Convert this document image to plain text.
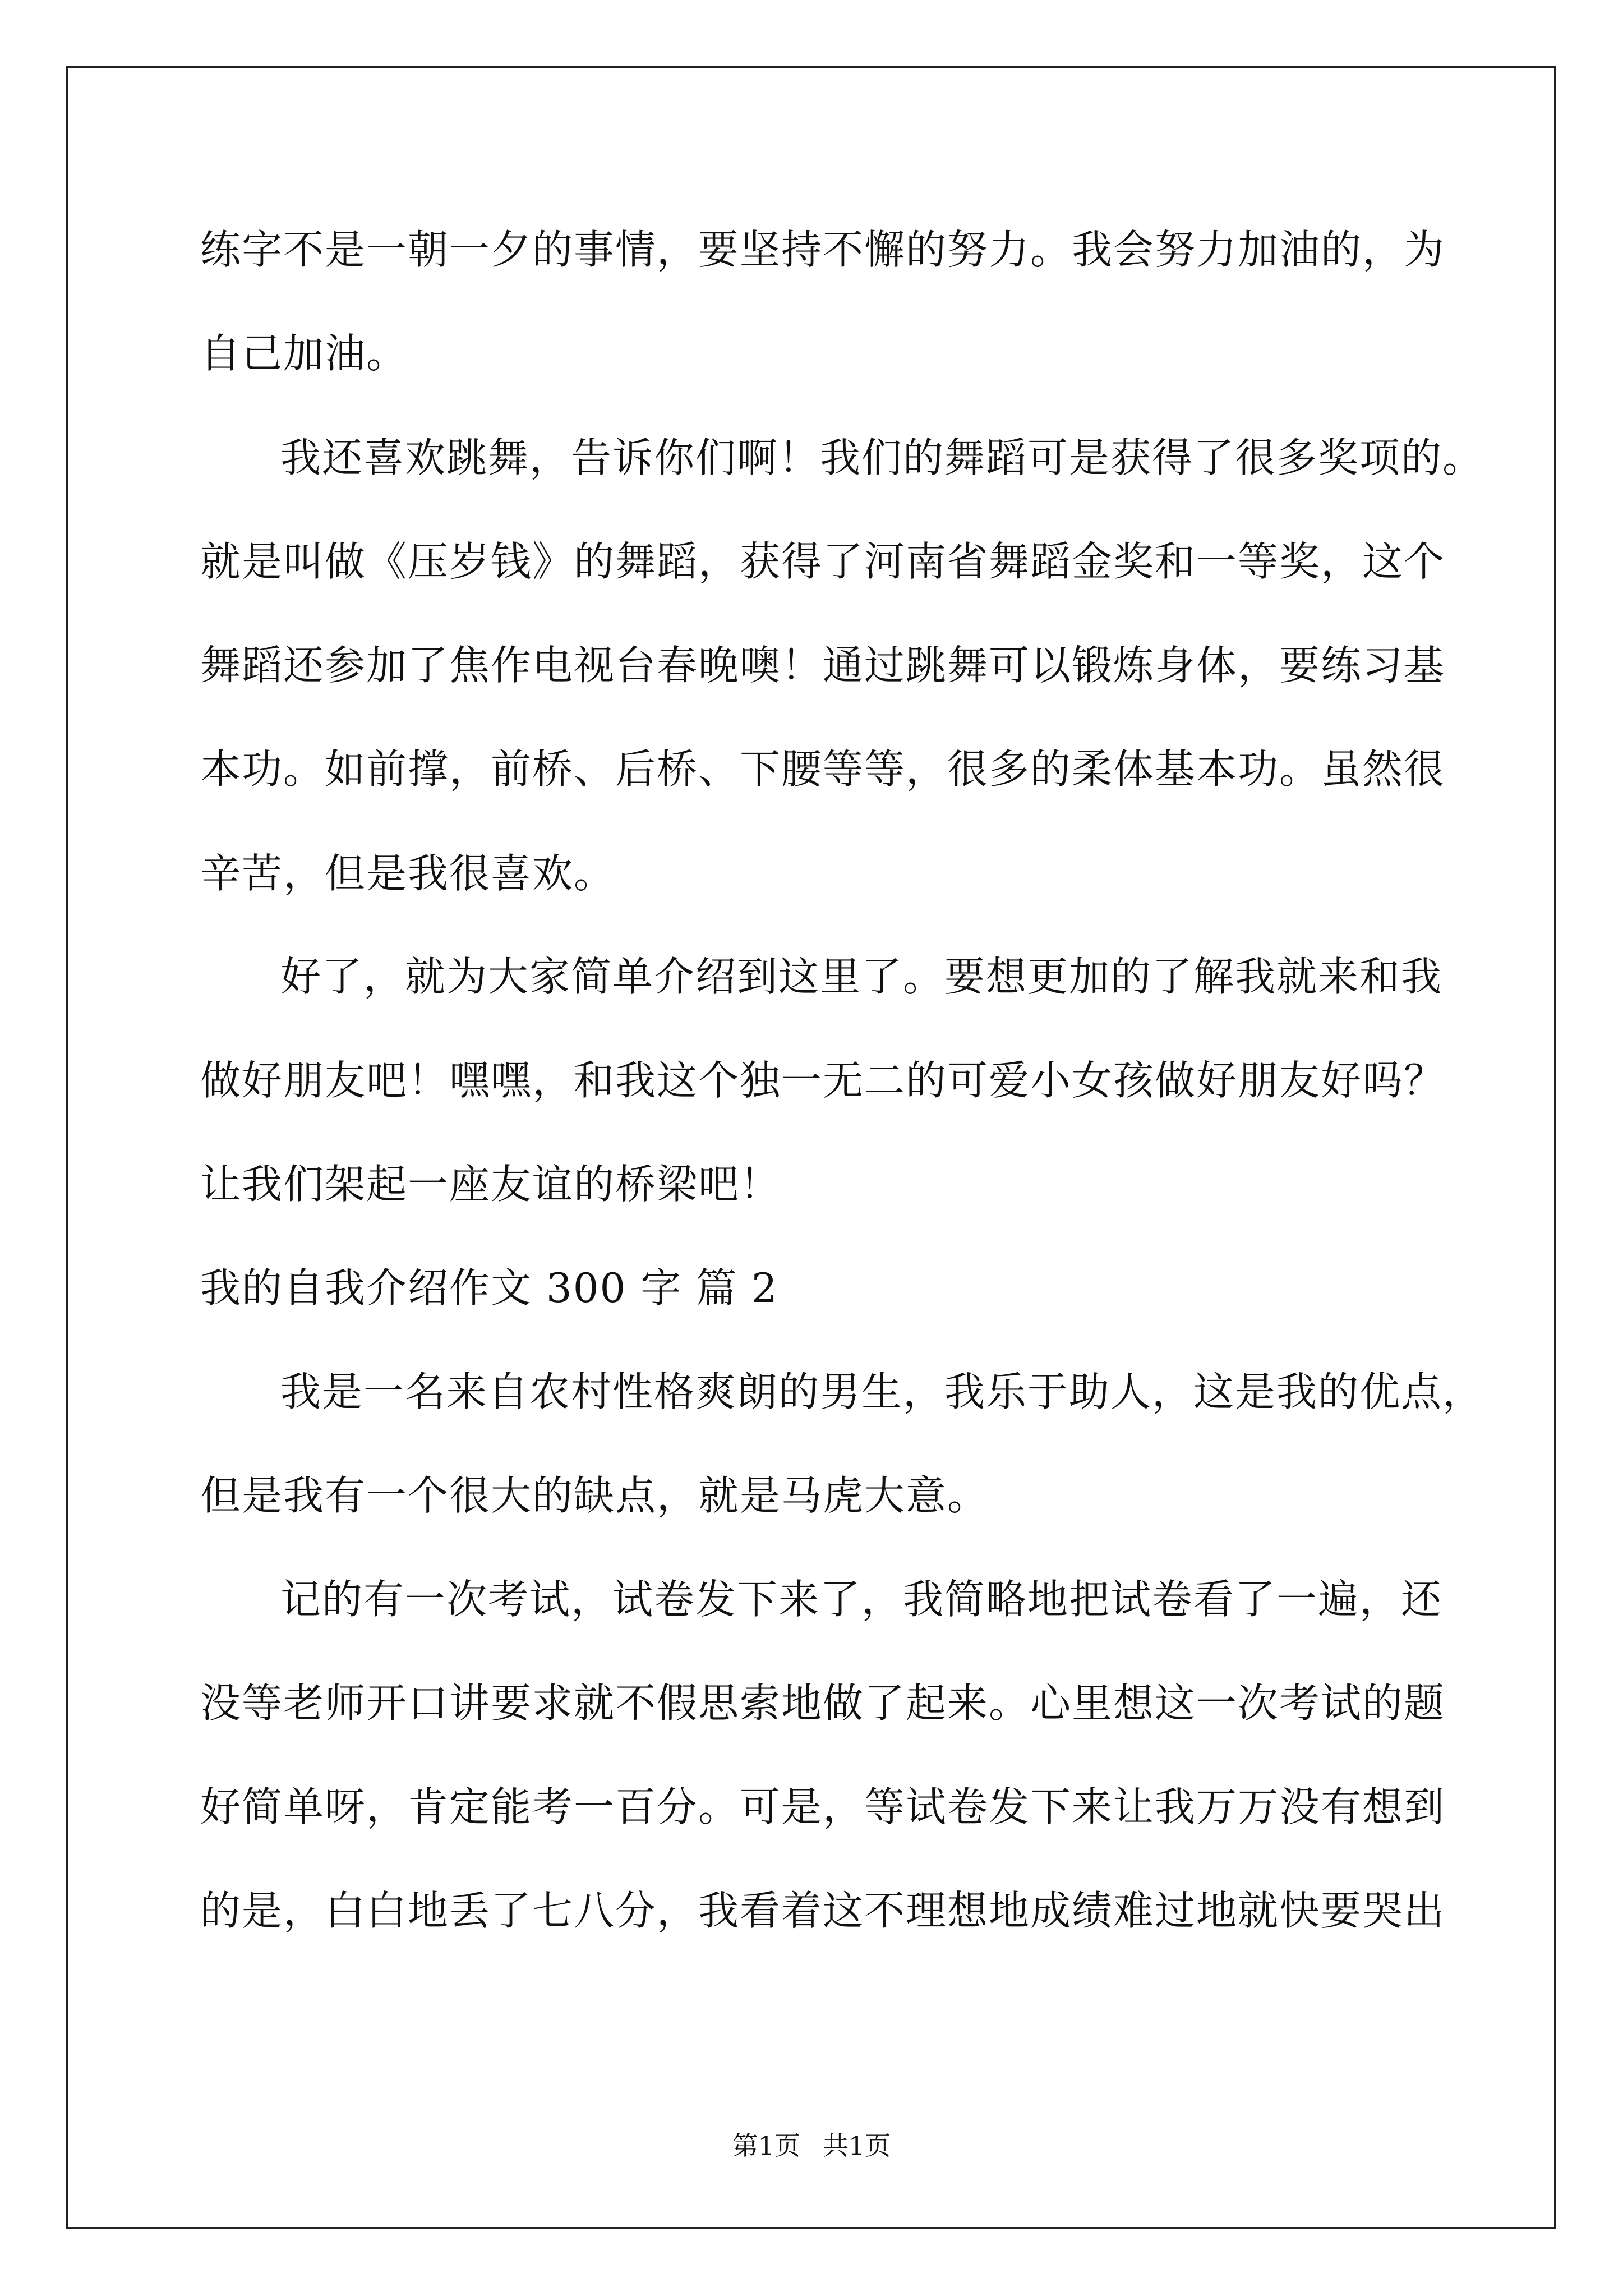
练字不是一朝一夕的事情，要坚持不懈的努力。我会努力加油的，为
自己加油。
我还喜欢跳舞，告诉你们啊！我们的舞蹈可是获得了很多奖项的。
就是叫做《压岁钱》的舞蹈，获得了河南省舞蹈金奖和一等奖，这个
舞蹈还参加了焦作电视台春晚噢！通过跳舞可以锻炼身体，要练习基
本功。如前撑，前桥、后桥、下腰等等，很多的柔体基本功。虽然很
辛苦，但是我很喜欢。
好了，就为大家简单介绍到这里了。要想更加的了解我就来和我
做好朋友吧！嘿嘿，和我这个独一无二的可爱小女孩做好朋友好吗？
让我们架起一座友谊的桥梁吧！
我的自我介绍作文 300 字 篇 2
我是一名来自农村性格爽朗的男生，我乐于助人，这是我的优点，
但是我有一个很大的缺点，就是马虎大意。
记的有一次考试，试卷发下来了，我简略地把试卷看了一遍，还
没等老师开口讲要求就不假思索地做了起来。心里想这一次考试的题
好简单呀，肯定能考一百分。可是，等试卷发下来让我万万没有想到
的是，白白地丢了七八分，我看着这不理想地成绩难过地就快要哭出
第1页 共1页
